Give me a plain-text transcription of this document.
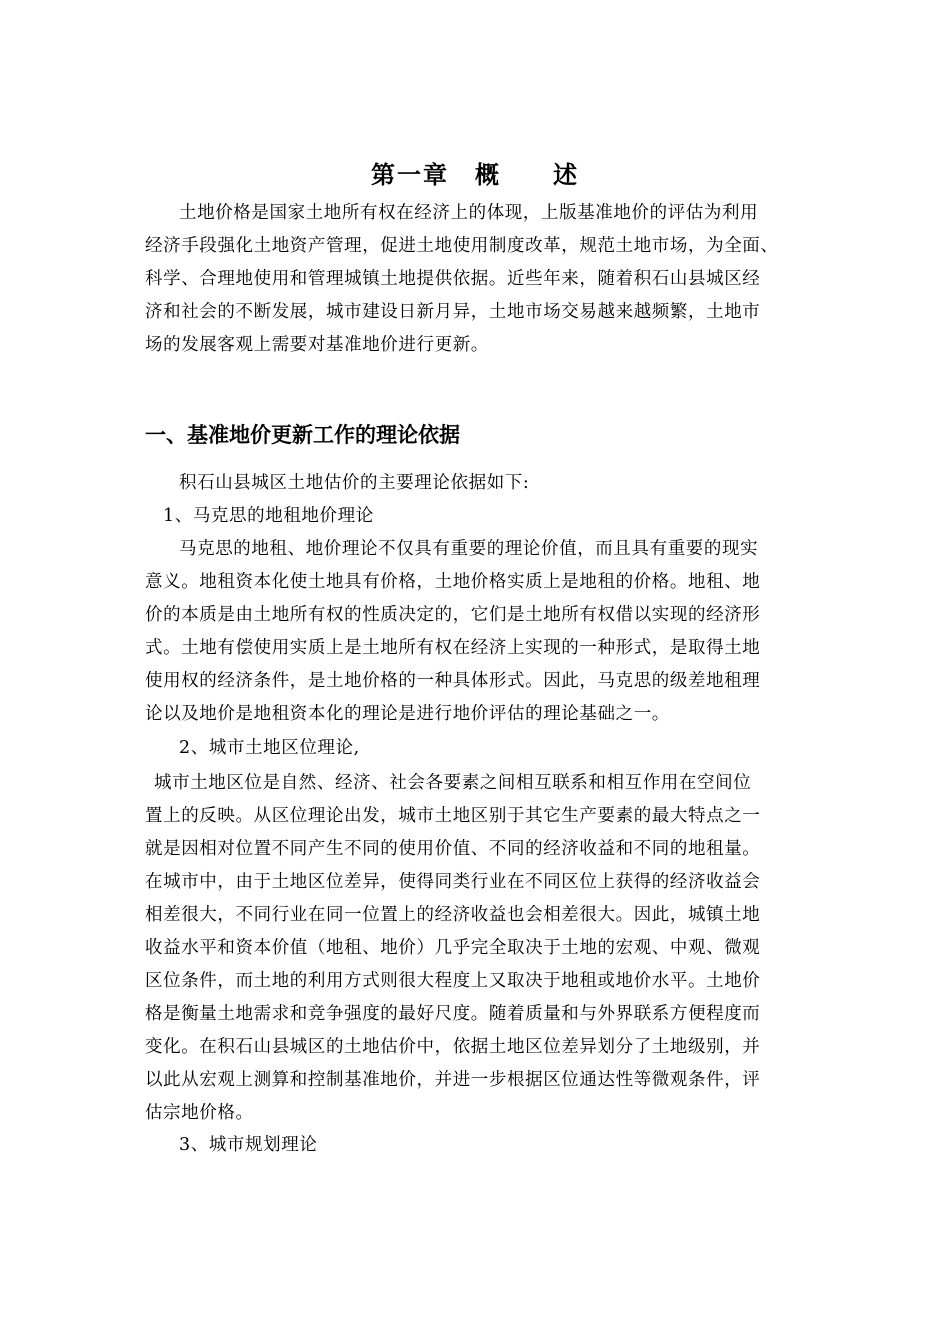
第一章　概　　述
土地价格是国家土地所有权在经济上的体现，上版基准地价的评估为利用
经济手段强化土地资产管理，促进土地使用制度改革，规范土地市场，为全面、
科学、合理地使用和管理城镇土地提供依据。近些年来，随着积石山县城区经
济和社会的不断发展，城市建设日新月异，土地市场交易越来越频繁，土地市
场的发展客观上需要对基准地价进行更新。
一、基准地价更新工作的理论依据
积石山县城区土地估价的主要理论依据如下:
1、马克思的地租地价理论
马克思的地租、地价理论不仅具有重要的理论价值，而且具有重要的现实
意义。地租资本化使土地具有价格，土地价格实质上是地租的价格。地租、地
价的本质是由土地所有权的性质决定的，它们是土地所有权借以实现的经济形
式。土地有偿使用实质上是土地所有权在经济上实现的一种形式，是取得土地
使用权的经济条件，是土地价格的一种具体形式。因此，马克思的级差地租理
论以及地价是地租资本化的理论是进行地价评估的理论基础之一。
2、城市土地区位理论,
城市土地区位是自然、经济、社会各要素之间相互联系和相互作用在空间位
置上的反映。从区位理论出发，城市土地区别于其它生产要素的最大特点之一
就是因相对位置不同产生不同的使用价值、不同的经济收益和不同的地租量。
在城市中，由于土地区位差异，使得同类行业在不同区位上获得的经济收益会
相差很大，不同行业在同一位置上的经济收益也会相差很大。因此，城镇土地
收益水平和资本价值（地租、地价）几乎完全取决于土地的宏观、中观、微观
区位条件，而土地的利用方式则很大程度上又取决于地租或地价水平。土地价
格是衡量土地需求和竞争强度的最好尺度。随着质量和与外界联系方便程度而
变化。在积石山县城区的土地估价中，依据土地区位差异划分了土地级别，并
以此从宏观上测算和控制基准地价，并进一步根据区位通达性等微观条件，评
估宗地价格。
3、城市规划理论
